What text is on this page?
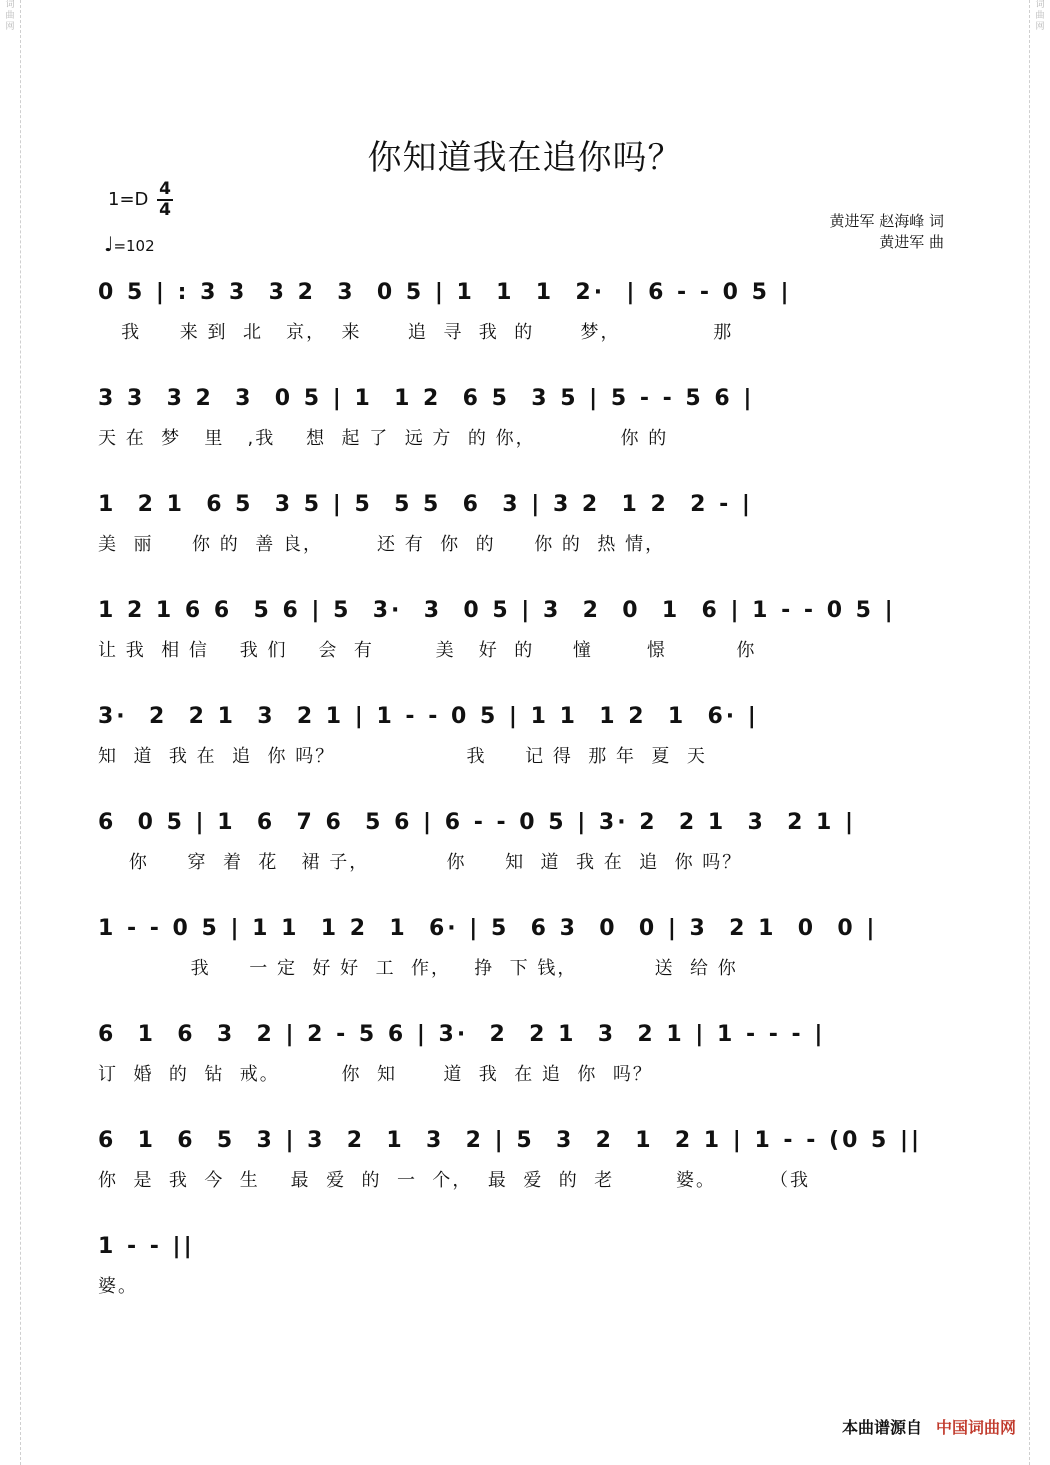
词
曲
网
词
曲
网
你知道我在追你吗？
1=D 4
4
♩=102
黄进军 赵海峰 词
黄进军 曲
0 5 | : 3 3  3 2  3  0 5 | 1  1  1  2·  | 6 - - 0 5 |
我     来 到  北   京，  来      追  寻  我  的      梦，            那
3 3  3 2  3  0 5 | 1  1 2  6 5  3 5 | 5 - - 5 6 |
天 在  梦   里   ,我    想  起 了  远 方  的 你，           你 的
1  2 1  6 5  3 5 | 5  5 5  6  3 | 3 2  1 2  2 - |
美  丽     你 的  善 良，       还 有  你  的     你 的  热 情，
1 2 1 6 6  5 6 | 5  3·  3  0 5 | 3  2  0  1  6 | 1 - - 0 5 |
让 我  相 信    我 们    会  有        美   好  的     憧       憬         你
3·  2  2 1  3  2 1 | 1 - - 0 5 | 1 1  1 2  1  6· |
知  道  我 在  追  你 吗？                 我     记 得  那 年  夏  天
6  0 5 | 1  6  7 6  5 6 | 6 - - 0 5 | 3· 2  2 1  3  2 1 |
你     穿  着  花   裙 子，          你     知  道  我 在  追  你 吗？
1 - - 0 5 | 1 1  1 2  1  6· | 5  6 3  0  0 | 3  2 1  0  0 |
我     一 定  好 好  工  作，   挣  下 钱，          送  给 你
6  1  6  3  2 | 2 - 5 6 | 3·  2  2 1  3  2 1 | 1 - - - |
订  婚  的  钻  戒。        你  知      道  我  在 追  你  吗？
6  1  6  5  3 | 3  2  1  3  2 | 5  3  2  1  2 1 | 1 - - (0 5 ||
你  是  我  今  生    最  爱  的  一  个，  最  爱  的  老        婆。       （我
1 - - ||
婆。
本曲谱源自 中国词曲网
